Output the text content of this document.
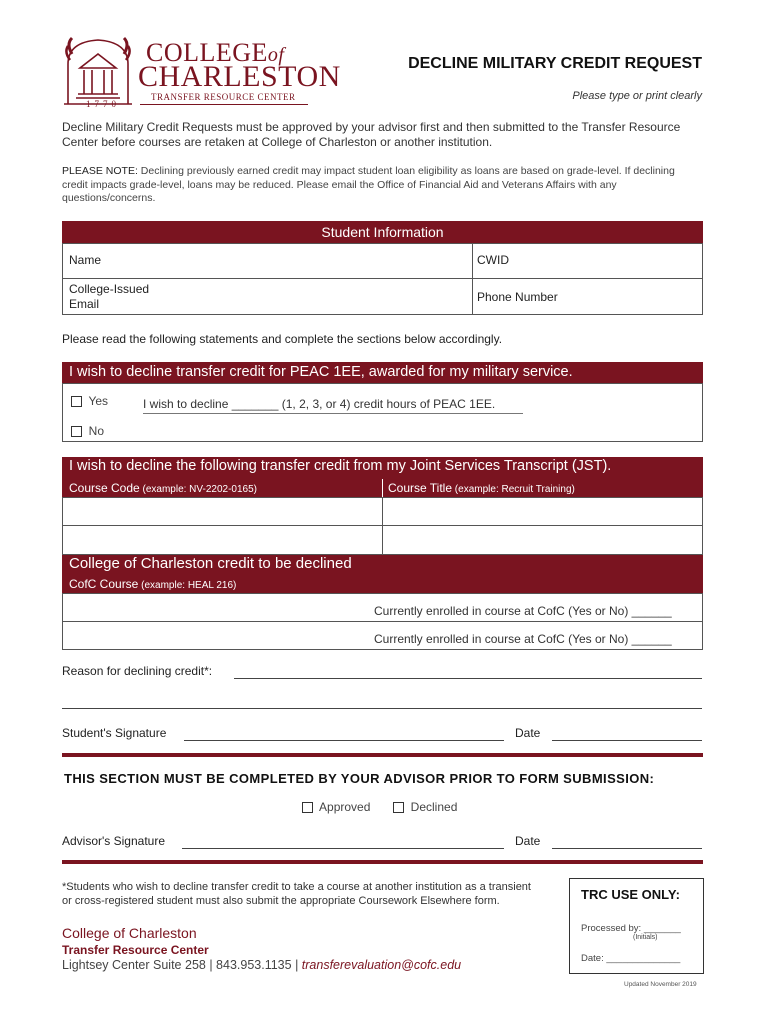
COLLEGEof
CHARLESTON
TRANSFER RESOURCE CENTER
1770
DECLINE MILITARY CREDIT REQUEST
Please type or print clearly
Decline Military Credit Requests must be approved by your advisor first and then submitted to the Transfer Resource Center before courses are retaken at College of Charleston or another institution.
PLEASE NOTE: Declining previously earned credit may impact student loan eligibility as loans are based on grade-level. If declining credit impacts grade-level, loans may be reduced. Please email the Office of Financial Aid and Veterans Affairs with any questions/concerns.
Student Information
Name	CWID
College-Issued
Email	Phone Number
Please read the following statements and complete the sections below accordingly.
I wish to decline transfer credit for PEAC 1EE, awarded for my military service.
Yes
No
I wish to decline _______ (1, 2, 3, or 4) credit hours of PEAC 1EE.
I wish to decline the following transfer credit from my Joint Services Transcript (JST).
Course Code (example: NV-2202-0165)	Course Title (example: Recruit Training)
College of Charleston credit to be declined
CofC Course (example: HEAL 216)
Currently enrolled in course at CofC (Yes or No) ______
Currently enrolled in course at CofC (Yes or No) ______
Reason for declining credit*:
Student's Signature	Date
THIS SECTION MUST BE COMPLETED BY YOUR ADVISOR PRIOR TO FORM SUBMISSION:
Approved	Declined
Advisor's Signature	Date
*Students who wish to decline transfer credit to take a course at another institution as a transient or cross-registered student must also submit the appropriate Coursework Elsewhere form.
College of Charleston
Transfer Resource Center
Lightsey Center Suite 258 | 843.953.1135 | transferevaluation@cofc.edu
TRC USE ONLY:
Processed by: _______
(Initials)
Date: ______________
Updated November 2019
